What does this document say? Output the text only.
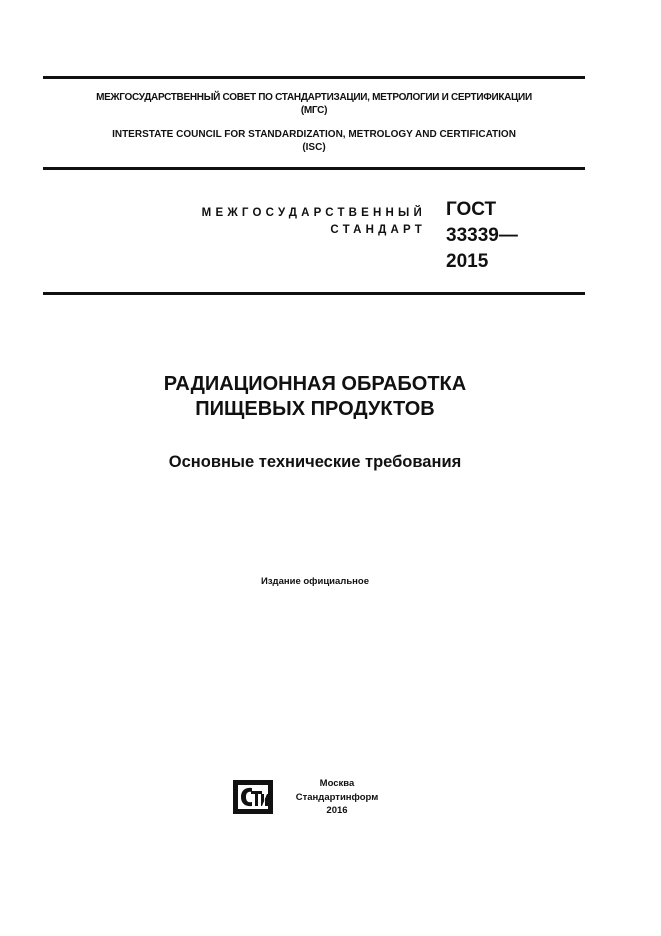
МЕЖГОСУДАРСТВЕННЫЙ СОВЕТ ПО СТАНДАРТИЗАЦИИ, МЕТРОЛОГИИ И СЕРТИФИКАЦИИ
(МГС)
INTERSTATE COUNCIL FOR STANDARDIZATION, METROLOGY AND CERTIFICATION
(ISC)
МЕЖГОСУДАРСТВЕННЫЙ
СТАНДАРТ
ГОСТ
33339—
2015
РАДИАЦИОННАЯ ОБРАБОТКА
ПИЩЕВЫХ ПРОДУКТОВ
Основные технические требования
Издание официальное
Москва
Стандартинформ
2016
